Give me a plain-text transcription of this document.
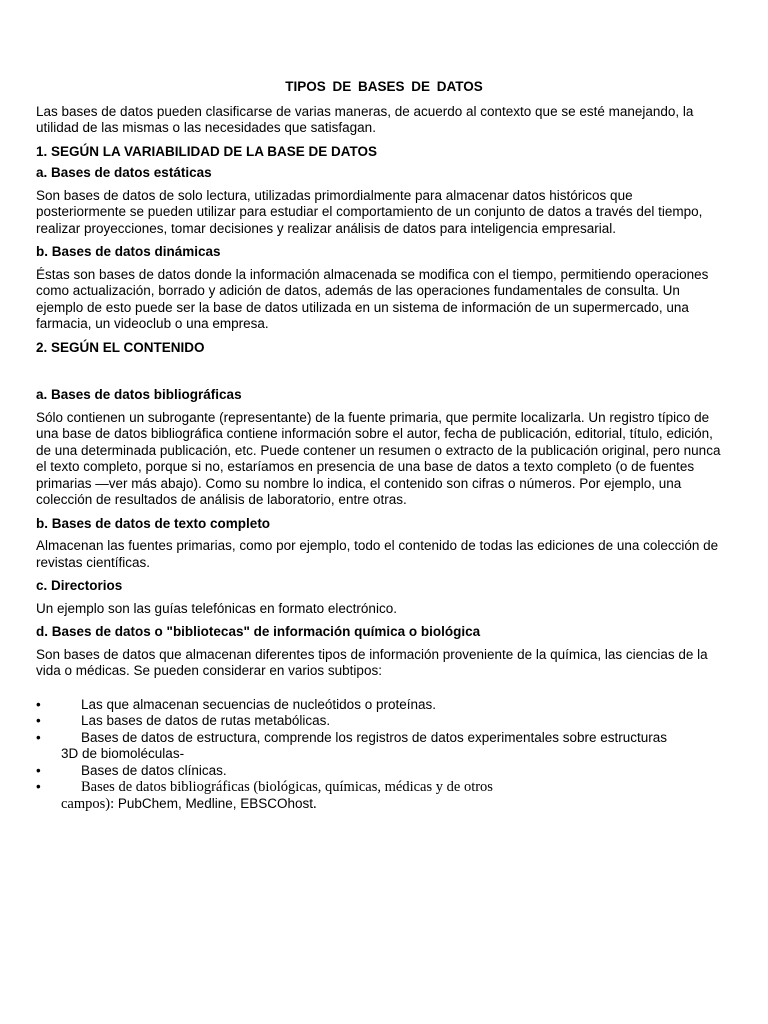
TIPOS DE BASES DE DATOS

Las bases de datos pueden clasificarse de varias maneras, de acuerdo al contexto que se esté manejando, la utilidad de las mismas o las necesidades que satisfagan.

1. SEGÚN LA VARIABILIDAD DE LA BASE DE DATOS
a. Bases de datos estáticas

Son bases de datos de solo lectura, utilizadas primordialmente para almacenar datos históricos que posteriormente se pueden utilizar para estudiar el comportamiento de un conjunto de datos a través del tiempo, realizar proyecciones, tomar decisiones y realizar análisis de datos para inteligencia empresarial.

b. Bases de datos dinámicas

Éstas son bases de datos donde la información almacenada se modifica con el tiempo, permitiendo operaciones como actualización, borrado y adición de datos, además de las operaciones fundamentales de consulta. Un ejemplo de esto puede ser la base de datos utilizada en un sistema de información de un supermercado, una farmacia, un videoclub o una empresa.

2. SEGÚN EL CONTENIDO
a. Bases de datos bibliográficas

Sólo contienen un subrogante (representante) de la fuente primaria, que permite localizarla. Un registro típico de una base de datos bibliográfica contiene información sobre el autor, fecha de publicación, editorial, título, edición, de una determinada publicación, etc. Puede contener un resumen o extracto de la publicación original, pero nunca el texto completo, porque si no, estaríamos en presencia de una base de datos a texto completo (o de fuentes primarias —ver más abajo). Como su nombre lo indica, el contenido son cifras o números. Por ejemplo, una colección de resultados de análisis de laboratorio, entre otras.

b. Bases de datos de texto completo

Almacenan las fuentes primarias, como por ejemplo, todo el contenido de todas las ediciones de una colección de revistas científicas.

c. Directorios

Un ejemplo son las guías telefónicas en formato electrónico.

d. Bases de datos o "bibliotecas" de información química o biológica

Son bases de datos que almacenan diferentes tipos de información proveniente de la química, las ciencias de la vida o médicas. Se pueden considerar en varios subtipos:

•	Las que almacenan secuencias de nucleótidos o proteínas.
•	Las bases de datos de rutas metabólicas.
•	Bases de datos de estructura, comprende los registros de datos experimentales sobre estructuras
3D de biomoléculas-
•	Bases de datos clínicas.
•	Bases de datos bibliográficas (biológicas, químicas, médicas y de otros
campos): PubChem, Medline, EBSCOhost.
